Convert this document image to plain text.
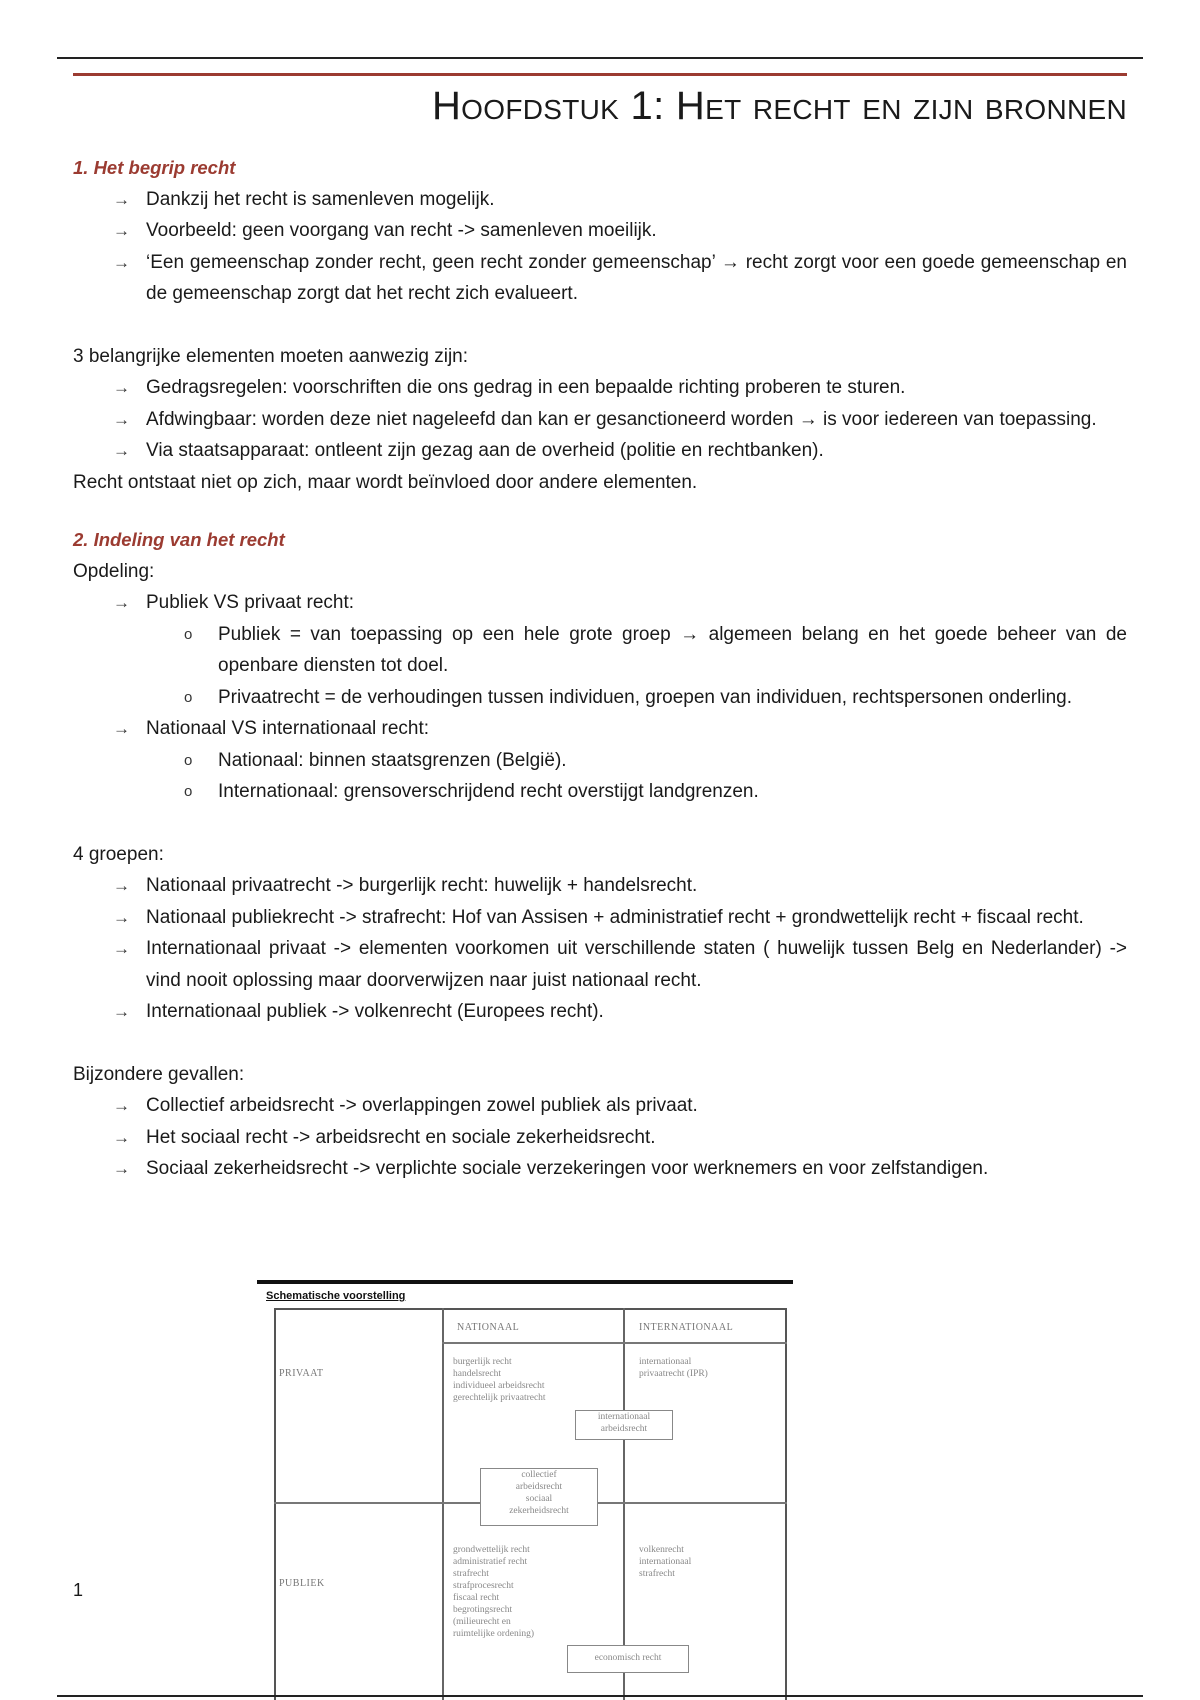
Hoofdstuk 1: Het recht en zijn bronnen
1. Het begrip recht
→ Dankzij het recht is samenleven mogelijk.
→ Voorbeeld: geen voorgang van recht -> samenleven moeilijk.
→ ‘Een gemeenschap zonder recht, geen recht zonder gemeenschap’ → recht zorgt voor een goede gemeenschap en de gemeenschap zorgt dat het recht zich evalueert.
3 belangrijke elementen moeten aanwezig zijn:
→ Gedragsregelen: voorschriften die ons gedrag in een bepaalde richting proberen te sturen.
→ Afdwingbaar: worden deze niet nageleefd dan kan er gesanctioneerd worden → is voor iedereen van toepassing.
→ Via staatsapparaat: ontleent zijn gezag aan de overheid (politie en rechtbanken).
Recht ontstaat niet op zich, maar wordt beïnvloed door andere elementen.
2. Indeling van het recht
Opdeling:
→ Publiek VS privaat recht:
o Publiek = van toepassing op een hele grote groep → algemeen belang en het goede beheer van de openbare diensten tot doel.
o Privaatrecht = de verhoudingen tussen individuen, groepen van individuen, rechtspersonen onderling.
→ Nationaal VS internationaal recht:
o Nationaal: binnen staatsgrenzen (België).
o Internationaal: grensoverschrijdend recht overstijgt landgrenzen.
4 groepen:
→ Nationaal privaatrecht -> burgerlijk recht: huwelijk + handelsrecht.
→ Nationaal publiekrecht -> strafrecht: Hof van Assisen + administratief recht + grondwettelijk recht + fiscaal recht.
→ Internationaal privaat -> elementen voorkomen uit verschillende staten ( huwelijk tussen Belg en Nederlander) -> vind nooit oplossing maar doorverwijzen naar juist nationaal recht.
→ Internationaal publiek -> volkenrecht (Europees recht).
Bijzondere gevallen:
→ Collectief arbeidsrecht -> overlappingen zowel publiek als privaat.
→ Het sociaal recht -> arbeidsrecht en sociale zekerheidsrecht.
→ Sociaal zekerheidsrecht -> verplichte sociale verzekeringen voor werknemers en voor zelfstandigen.
1
Schematische voorstelling
NATIONAAL	INTERNATIONAAL
PRIVAAT
PUBLIEK
burgerlijk recht
handelsrecht
individueel arbeidsrecht
gerechtelijk privaatrecht
internationaal
privaatrecht (IPR)
internationaal
arbeidsrecht
collectief
arbeidsrecht
sociaal
zekerheidsrecht
grondwettelijk recht
administratief recht
strafrecht
strafprocesrecht
fiscaal recht
begrotingsrecht
(milieurecht en
ruimtelijke ordening)
volkenrecht
internationaal
strafrecht
economisch recht
